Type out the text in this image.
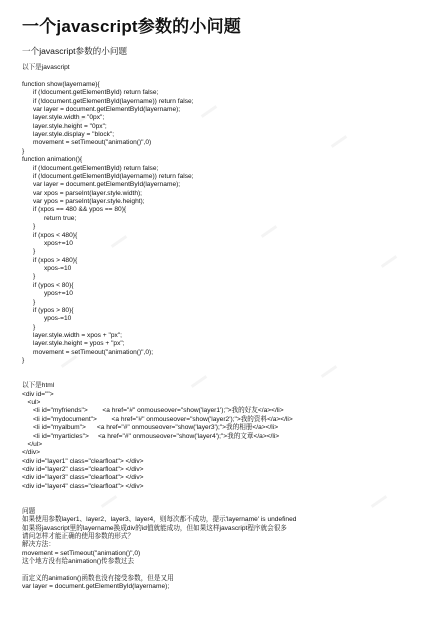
一个javascript参数的小问题
一个javascript参数的小问题
以下是javascript
function show(layername){
if (!document.getElementById) return false;
if (!document.getElementById(layername)) return false;
var layer = document.getElementById(layername);
layer.style.width = "0px";
layer.style.height = "0px";
layer.style.display = "block";
movement = setTimeout("animation()",0)
}
function animation(){
if (!document.getElementById) return false;
if (!document.getElementById(layername)) return false;
var layer = document.getElementById(layername);
var xpos = parseInt(layer.style.width);
var ypos = parseInt(layer.style.height);
if (xpos == 480 && ypos == 80){
return true;
}
if (xpos < 480){
xpos+=10
}
if (xpos > 480){
xpos-=10
}
if (ypos < 80){
ypos+=10
}
if (ypos > 80){
ypos-=10
}
layer.style.width = xpos + "px";
layer.style.height = ypos + "px";
movement = setTimeout("animation()",0);
}
以下是html
<div id="">
<ul>
<li id="myfriends">        <a href="#" onmouseover="show('layer1');">我的好友</a></li>
<li id="mydocument">        <a href="#" onmouseover="show('layer2');">我的资料</a></li>
<li id="myalbum">      <a href="#" onmouseover="show('layer3');">我的相册</a></li>
<li id="myarticles">     <a href="#" onmouseover="show('layer4');">我的文章</a></li>
</ul>
</div>
<div id="layer1" class="clearfloat"> </div>
<div id="layer2" class="clearfloat"> </div>
<div id="layer3" class="clearfloat"> </div>
<div id="layer4" class="clearfloat"> </div>
问题
如果使用参数layer1、layer2、layer3、layer4，则每次都不成功，提示'layername' is undefined
如果将javascript里的layername换成div的id值就能成功，但如果这样javascript程序就会很多
请问怎样才能正确的使用参数的形式？
解决方法：
movement = setTimeout("animation()",0)
这个地方没有给animation()传参数过去
而定义的animation()函数也没有接受参数，但是又用
var layer = document.getElementById(layername);
